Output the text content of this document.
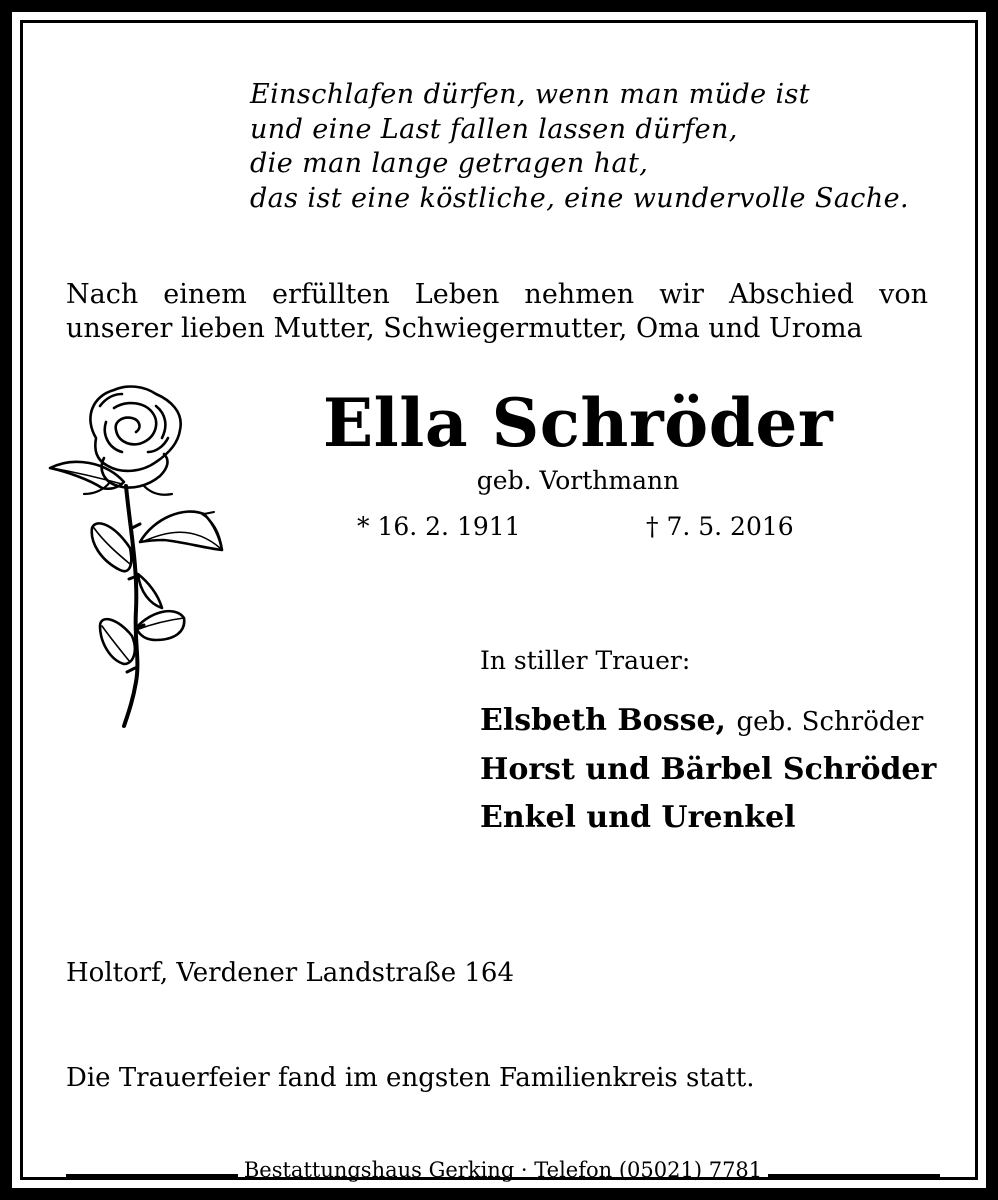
Einschlafen dürfen, wenn man müde ist
und eine Last fallen lassen dürfen,
die man lange getragen hat,
das ist eine köstliche, eine wundervolle Sache.
Nach einem erfüllten Leben nehmen wir Abschied von
unserer lieben Mutter, Schwiegermutter, Oma und Uroma
Ella Schröder
geb. Vorthmann
* 16. 2. 1911	† 7. 5. 2016
In stiller Trauer:
Elsbeth Bosse, geb. Schröder
Horst und Bärbel Schröder
Enkel und Urenkel
Holtorf, Verdener Landstraße 164
Die Trauerfeier fand im engsten Familienkreis statt.
Bestattungshaus Gerking · Telefon (05021) 7781
